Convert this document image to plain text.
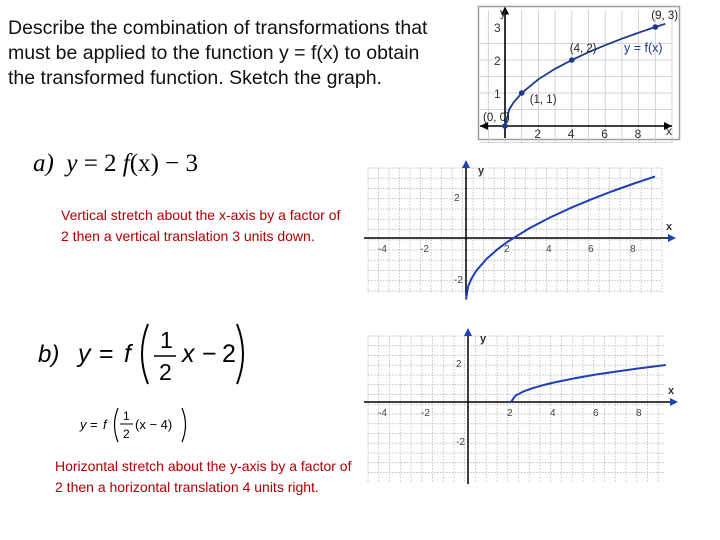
Describe the combination of transformations that must be applied to the function y = f(x) to obtain the transformed function. Sketch the graph.

x
y
2 4 6 8
1
2
3
(0, 0)
(1, 1)
(4, 2)
(9, 3)
y = f(x)
a) y = 2 f(x) − 3
Vertical stretch about the x-axis by a factor of 2 then a vertical translation 3 units down.
b) y = f 1
2
x − 2
y = f
1
2
(x − 4)
Horizontal stretch about the y-axis by a factor of 2 then a horizontal translation 4 units right.
x
y
-4	-2	2	4	6	8
2
-2
x
y
-4	-2	2	4	6	8
2
-2
